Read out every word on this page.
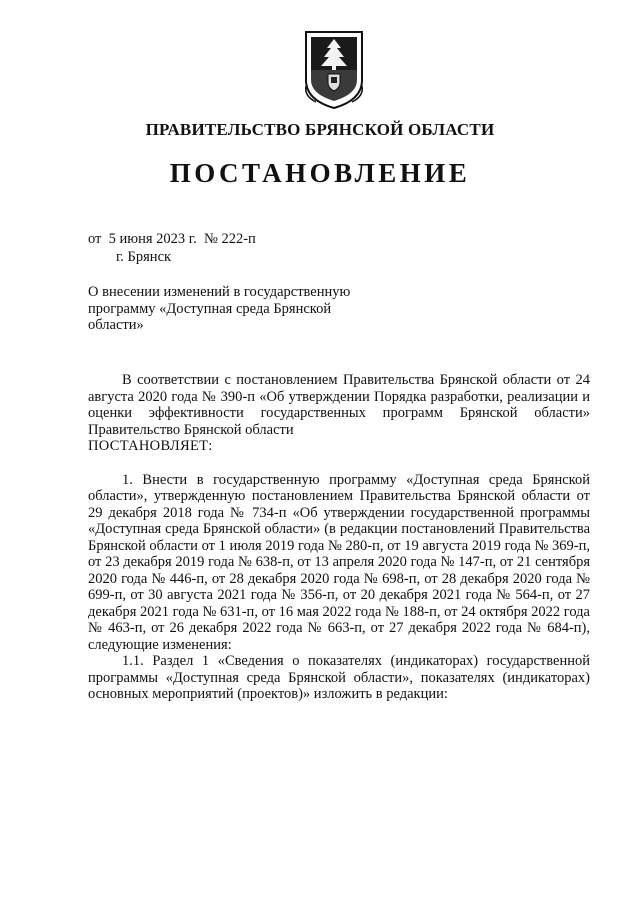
ПРАВИТЕЛЬСТВО БРЯНСКОЙ ОБЛАСТИ
ПОСТАНОВЛЕНИЕ
от  5 июня 2023 г.  № 222-п
г. Брянск
О внесении изменений в государственную программу «Доступная среда Брянской области»

В соответствии с постановлением Правительства Брянской области от 24 августа 2020 года № 390-п «Об утверждении Порядка разработки, реализации и оценки эффективности государственных программ Брянской области» Правительство Брянской области

ПОСТАНОВЛЯЕТ:

1. Внести в государственную программу «Доступная среда Брянской области», утвержденную постановлением Правительства Брянской области от 29 декабря 2018 года № 734-п «Об утверждении государственной программы «Доступная среда Брянской области» (в редакции постановлений Правительства Брянской области от 1 июля 2019 года № 280-п, от 19 августа 2019 года № 369-п, от 23 декабря 2019 года № 638-п, от 13 апреля 2020 года № 147-п, от 21 сентября 2020 года № 446-п, от 28 декабря 2020 года № 698-п, от 28 декабря 2020 года № 699-п, от 30 августа 2021 года № 356-п, от 20 декабря 2021 года № 564-п, от 27 декабря 2021 года № 631-п, от 16 мая 2022 года № 188-п, от 24 октября 2022 года № 463-п, от 26 декабря 2022 года № 663-п, от 27 декабря 2022 года № 684-п), следующие изменения:

1.1. Раздел 1 «Сведения о показателях (индикаторах) государственной программы «Доступная среда Брянской области», показателях (индикаторах) основных мероприятий (проектов)» изложить в редакции:
